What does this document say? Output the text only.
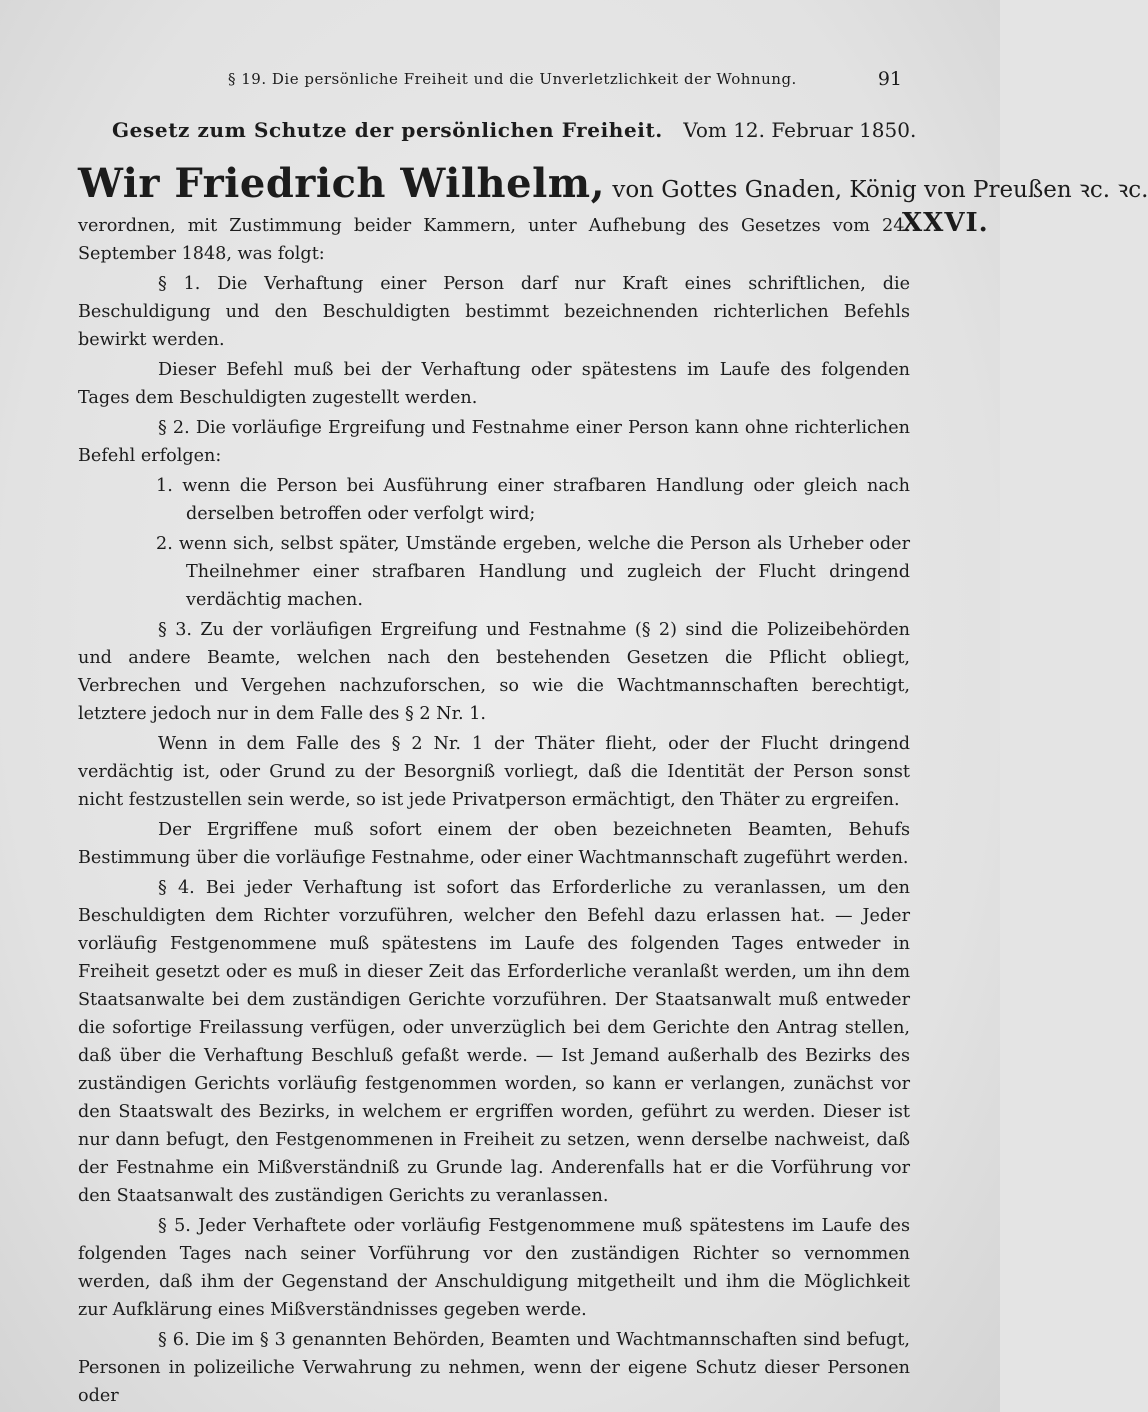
§ 19. Die persönliche Freiheit und die Unverletzlichkeit der Wohnung.	91
Gesetz zum Schutze der persönlichen Freiheit. Vom 12. Februar 1850.
Wir Friedrich Wilhelm, von Gottes Gnaden, König von Preußen ꝛc. ꝛc.
XXVI.

verordnen, mit Zustimmung beider Kammern, unter Aufhebung des Gesetzes vom 24. September 1848, was folgt:

§ 1. Die Verhaftung einer Person darf nur Kraft eines schriftlichen, die Beschuldigung und den Beschuldigten bestimmt bezeichnenden richterlichen Befehls bewirkt werden.

Dieser Befehl muß bei der Verhaftung oder spätestens im Laufe des folgenden Tages dem Beschuldigten zugestellt werden.

§ 2. Die vorläufige Ergreifung und Festnahme einer Person kann ohne richterlichen Befehl erfolgen:

1. wenn die Person bei Ausführung einer strafbaren Handlung oder gleich nach derselben betroffen oder verfolgt wird;

2. wenn sich, selbst später, Umstände ergeben, welche die Person als Urheber oder Theilnehmer einer strafbaren Handlung und zugleich der Flucht dringend verdächtig machen.

§ 3. Zu der vorläufigen Ergreifung und Festnahme (§ 2) sind die Polizeibehörden und andere Beamte, welchen nach den bestehenden Gesetzen die Pflicht obliegt, Verbrechen und Vergehen nachzuforschen, so wie die Wachtmannschaften berechtigt, letztere jedoch nur in dem Falle des § 2 Nr. 1.

Wenn in dem Falle des § 2 Nr. 1 der Thäter flieht, oder der Flucht dringend verdächtig ist, oder Grund zu der Besorgniß vorliegt, daß die Identität der Person sonst nicht festzustellen sein werde, so ist jede Privatperson ermächtigt, den Thäter zu ergreifen.

Der Ergriffene muß sofort einem der oben bezeichneten Beamten, Behufs Bestimmung über die vorläufige Festnahme, oder einer Wachtmannschaft zugeführt werden.

§ 4. Bei jeder Verhaftung ist sofort das Erforderliche zu veranlassen, um den Beschuldigten dem Richter vorzuführen, welcher den Befehl dazu erlassen hat. — Jeder vorläufig Festgenommene muß spätestens im Laufe des folgenden Tages entweder in Freiheit gesetzt oder es muß in dieser Zeit das Erforderliche veranlaßt werden, um ihn dem Staatsanwalte bei dem zuständigen Gerichte vorzuführen. Der Staatsanwalt muß entweder die sofortige Freilassung verfügen, oder unverzüglich bei dem Gerichte den Antrag stellen, daß über die Verhaftung Beschluß gefaßt werde. — Ist Jemand außerhalb des Bezirks des zuständigen Gerichts vorläufig festgenommen worden, so kann er verlangen, zunächst vor den Staatswalt des Bezirks, in welchem er ergriffen worden, geführt zu werden. Dieser ist nur dann befugt, den Festgenommenen in Freiheit zu setzen, wenn derselbe nachweist, daß der Festnahme ein Mißverständniß zu Grunde lag. Anderenfalls hat er die Vorführung vor den Staatsanwalt des zuständigen Gerichts zu veranlassen.

§ 5. Jeder Verhaftete oder vorläufig Festgenommene muß spätestens im Laufe des folgenden Tages nach seiner Vorführung vor den zuständigen Richter so vernommen werden, daß ihm der Gegenstand der Anschuldigung mitgetheilt und ihm die Möglichkeit zur Aufklärung eines Mißverständnisses gegeben werde.

§ 6. Die im § 3 genannten Behörden, Beamten und Wachtmannschaften sind befugt, Personen in polizeiliche Verwahrung zu nehmen, wenn der eigene Schutz dieser Personen oder
